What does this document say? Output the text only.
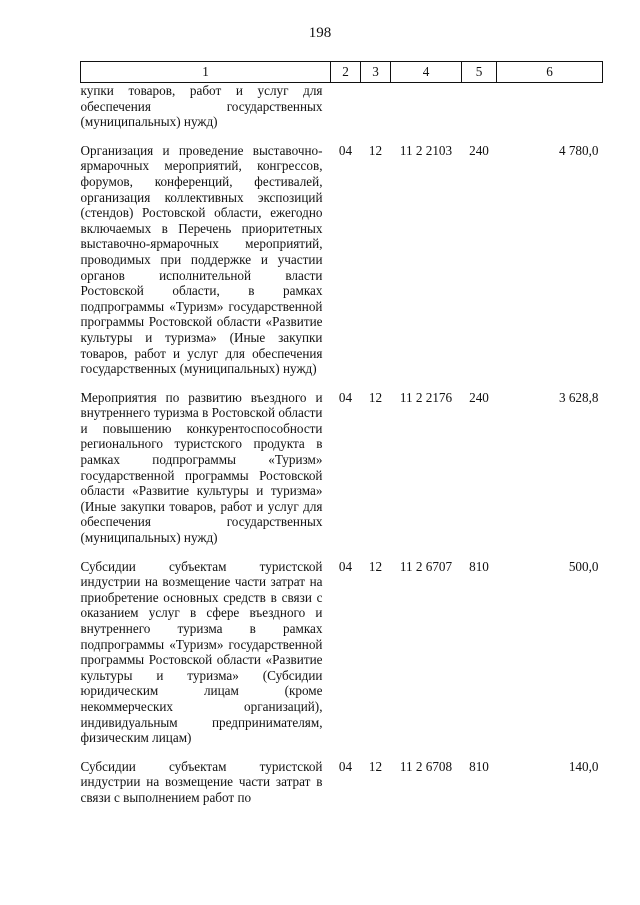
198
1	2	3	4	5	6
купки товаров, работ и услуг для обеспечения государственных (муниципальных) нужд)					
Организация и проведение выставочно-ярмарочных мероприятий, конгрессов, форумов, конференций, фестивалей, организация коллективных экспозиций (стендов) Ростовской области, ежегодно включаемых в Перечень приоритетных выставочно-ярмарочных мероприятий, проводимых при поддержке и участии органов исполнительной власти Ростовской области, в рамках подпрограммы «Туризм» государственной программы Ростовской области «Развитие культуры и туризма» (Иные закупки товаров, работ и услуг для обеспечения государственных (муниципальных) нужд)	04	12	11 2 2103	240	4 780,0
Мероприятия по развитию въездного и внутреннего туризма в Ростовской области и повышению конкурентоспособности регионального туристского продукта в рамках подпрограммы «Туризм» государственной программы Ростовской области «Развитие культуры и туризма» (Иные закупки товаров, работ и услуг для обеспечения государственных (муниципальных) нужд)	04	12	11 2 2176	240	3 628,8
Субсидии субъектам туристской индустрии на возмещение части затрат на приобретение основных средств в связи с оказанием услуг в сфере въездного и внутреннего туризма в рамках подпрограммы «Туризм» государственной программы Ростовской области «Развитие культуры и туризма» (Субсидии юридическим лицам (кроме некоммерческих организаций), индивидуальным предпринимателям, физическим лицам)	04	12	11 2 6707	810	500,0
Субсидии субъектам туристской индустрии на возмещение части затрат в связи с выполнением работ по	04	12	11 2 6708	810	140,0
